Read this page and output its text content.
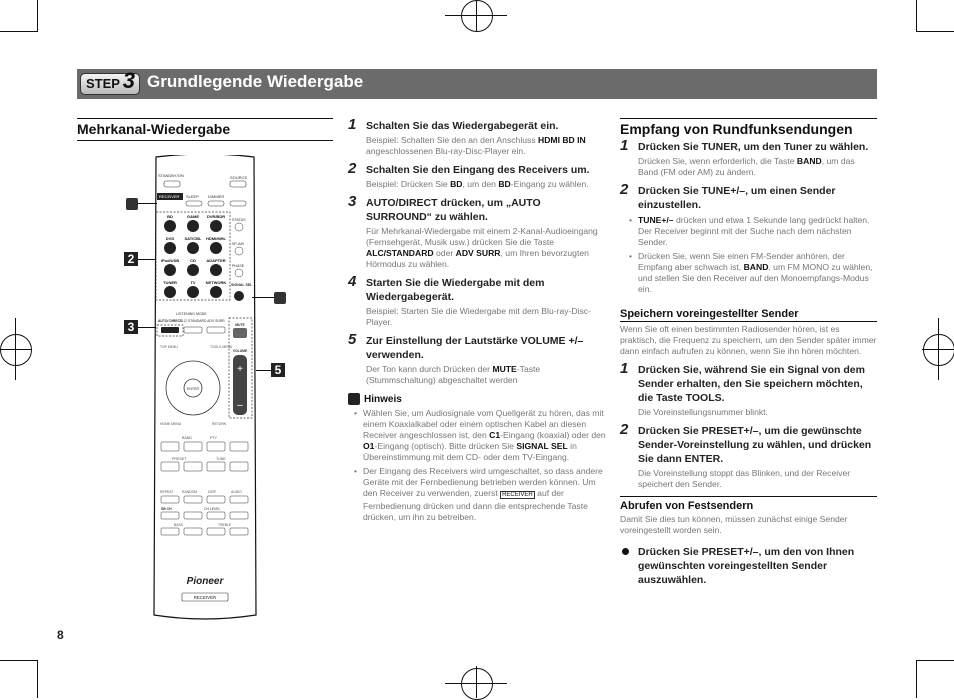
STEP 3 Grundlegende Wiedergabe
Mehrkanal-Wiedergabe
STANDBY/ON	SOURCE
RECEIVER SLEEP DIMMER
BD	GAME DVR/BDR
DVD	SAT/CBL HDMI/MHL
iPod/USB	CD	ADAPTER
TUNER	TV	NETWORK
STATUS
SP-A/B
PHASE
SIGNAL SEL
LISTENING MODE
AUTO/ DIRECT
ALC/ STANDARD ADV SURR
MUTE
VOLUME
+
–
TOP MENU	TOOLS MENU
HOME MENU	RETURN
ENTER
BAND	PTY
PRESET	TUNE
REPEAT	RANDOM	DISP	AUDIO
SB CH	CH LEVEL
BASS	TREBLE
Pioneer
RECEIVER
2
3
5
1 Schalten Sie das Wiedergabegerät ein.
Beispiel: Schalten Sie den an den Anschluss HDMI BD IN angeschlossenen Blu-ray-Disc-Player ein.
2 Schalten Sie den Eingang des Receivers um.
Beispiel: Drücken Sie BD, um den BD-Eingang zu wählen.
3 AUTO/DIRECT drücken, um „AUTO SURROUND“ zu wählen.
Für Mehrkanal-Wiedergabe mit einem 2-Kanal-Audioeingang (Fernsehgerät, Musik usw.) drücken Sie die Taste ALC/STANDARD oder ADV SURR, um Ihren bevorzugten Hörmodus zu wählen.
4 Starten Sie die Wiedergabe mit dem Wiedergabegerät.
Beispiel: Starten Sie die Wiedergabe mit dem Blu-ray-Disc-Player.
5 Zur Einstellung der Lautstärke VOLUME +/– verwenden.
Der Ton kann durch Drücken der MUTE-Taste (Stummschaltung) abgeschaltet werden
Hinweis
• Wählen Sie, um Audiosignale vom Quellgerät zu hören, das mit einem Koaxialkabel oder einem optischen Kabel an diesen Receiver angeschlossen ist, den C1-Eingang (koaxial) oder den O1-Eingang (optisch). Bitte drücken Sie SIGNAL SEL in Übereinstimmung mit dem CD- oder dem TV-Eingang.
• Der Eingang des Receivers wird umgeschaltet, so dass andere Geräte mit der Fernbedienung betrieben werden können. Um den Receiver zu verwenden, zuerst RECEIVER auf der Fernbedienung drücken und dann die entsprechende Taste drücken, um ihn zu betreiben.
Empfang von Rundfunksendungen
1 Drücken Sie TUNER, um den Tuner zu wählen.
Drücken Sie, wenn erforderlich, die Taste BAND, um das Band (FM oder AM) zu ändern.
2 Drücken Sie TUNE+/–, um einen Sender einzustellen.
• TUNE+/– drücken und etwa 1 Sekunde lang gedrückt halten. Der Receiver beginnt mit der Suche nach dem nächsten Sender.
• Drücken Sie, wenn Sie einen FM-Sender anhören, der Empfang aber schwach ist, BAND, um FM MONO zu wählen, und stellen Sie den Receiver auf den Monoempfangs-Modus ein.
Speichern voreingestellter Sender
Wenn Sie oft einen bestimmten Radiosender hören, ist es praktisch, die Frequenz zu speichern, um den Sender später immer dann einfach aufrufen zu können, wenn Sie ihn hören möchten.
1 Drücken Sie, während Sie ein Signal von dem Sender erhalten, den Sie speichern möchten, die Taste TOOLS.
Die Voreinstellungsnummer blinkt.
2 Drücken Sie PRESET+/–, um die gewünschte Sender-Voreinstellung zu wählen, und drücken Sie dann ENTER.
Die Voreinstellung stoppt das Blinken, und der Receiver speichert den Sender.
Abrufen von Festsendern
Damit Sie dies tun können, müssen zunächst einige Sender voreingestellt worden sein.
Drücken Sie PRESET+/–, um den von Ihnen gewünschten voreingestellten Sender auszuwählen.
8
